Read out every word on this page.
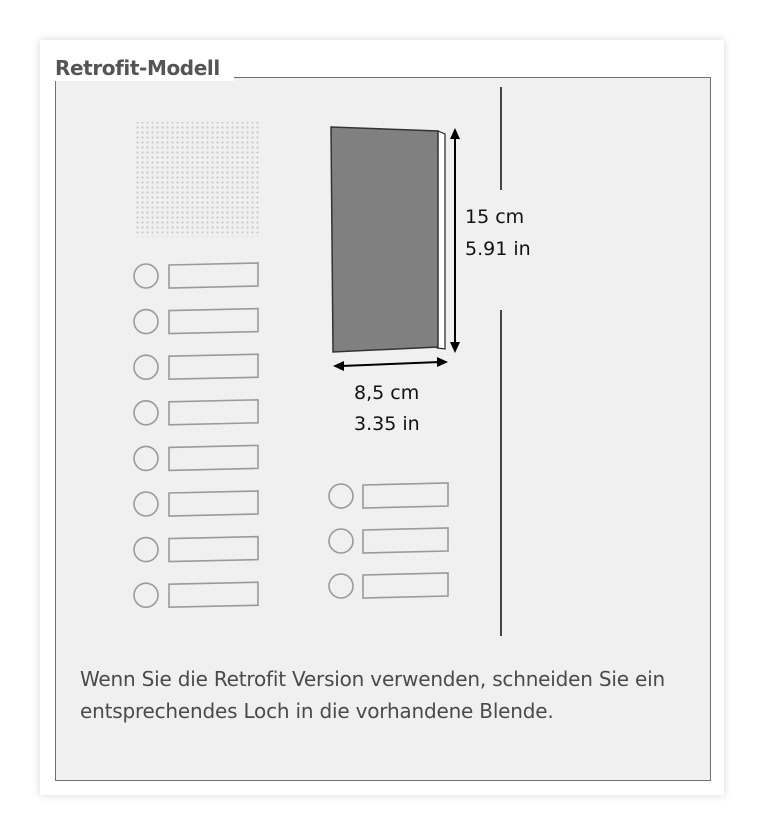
Retrofit-Modell
15 cm
5.91 in
8,5 cm
3.35 in
Wenn Sie die Retrofit Version verwenden, schneiden Sie ein entsprechendes Loch in die vorhandene Blende.
